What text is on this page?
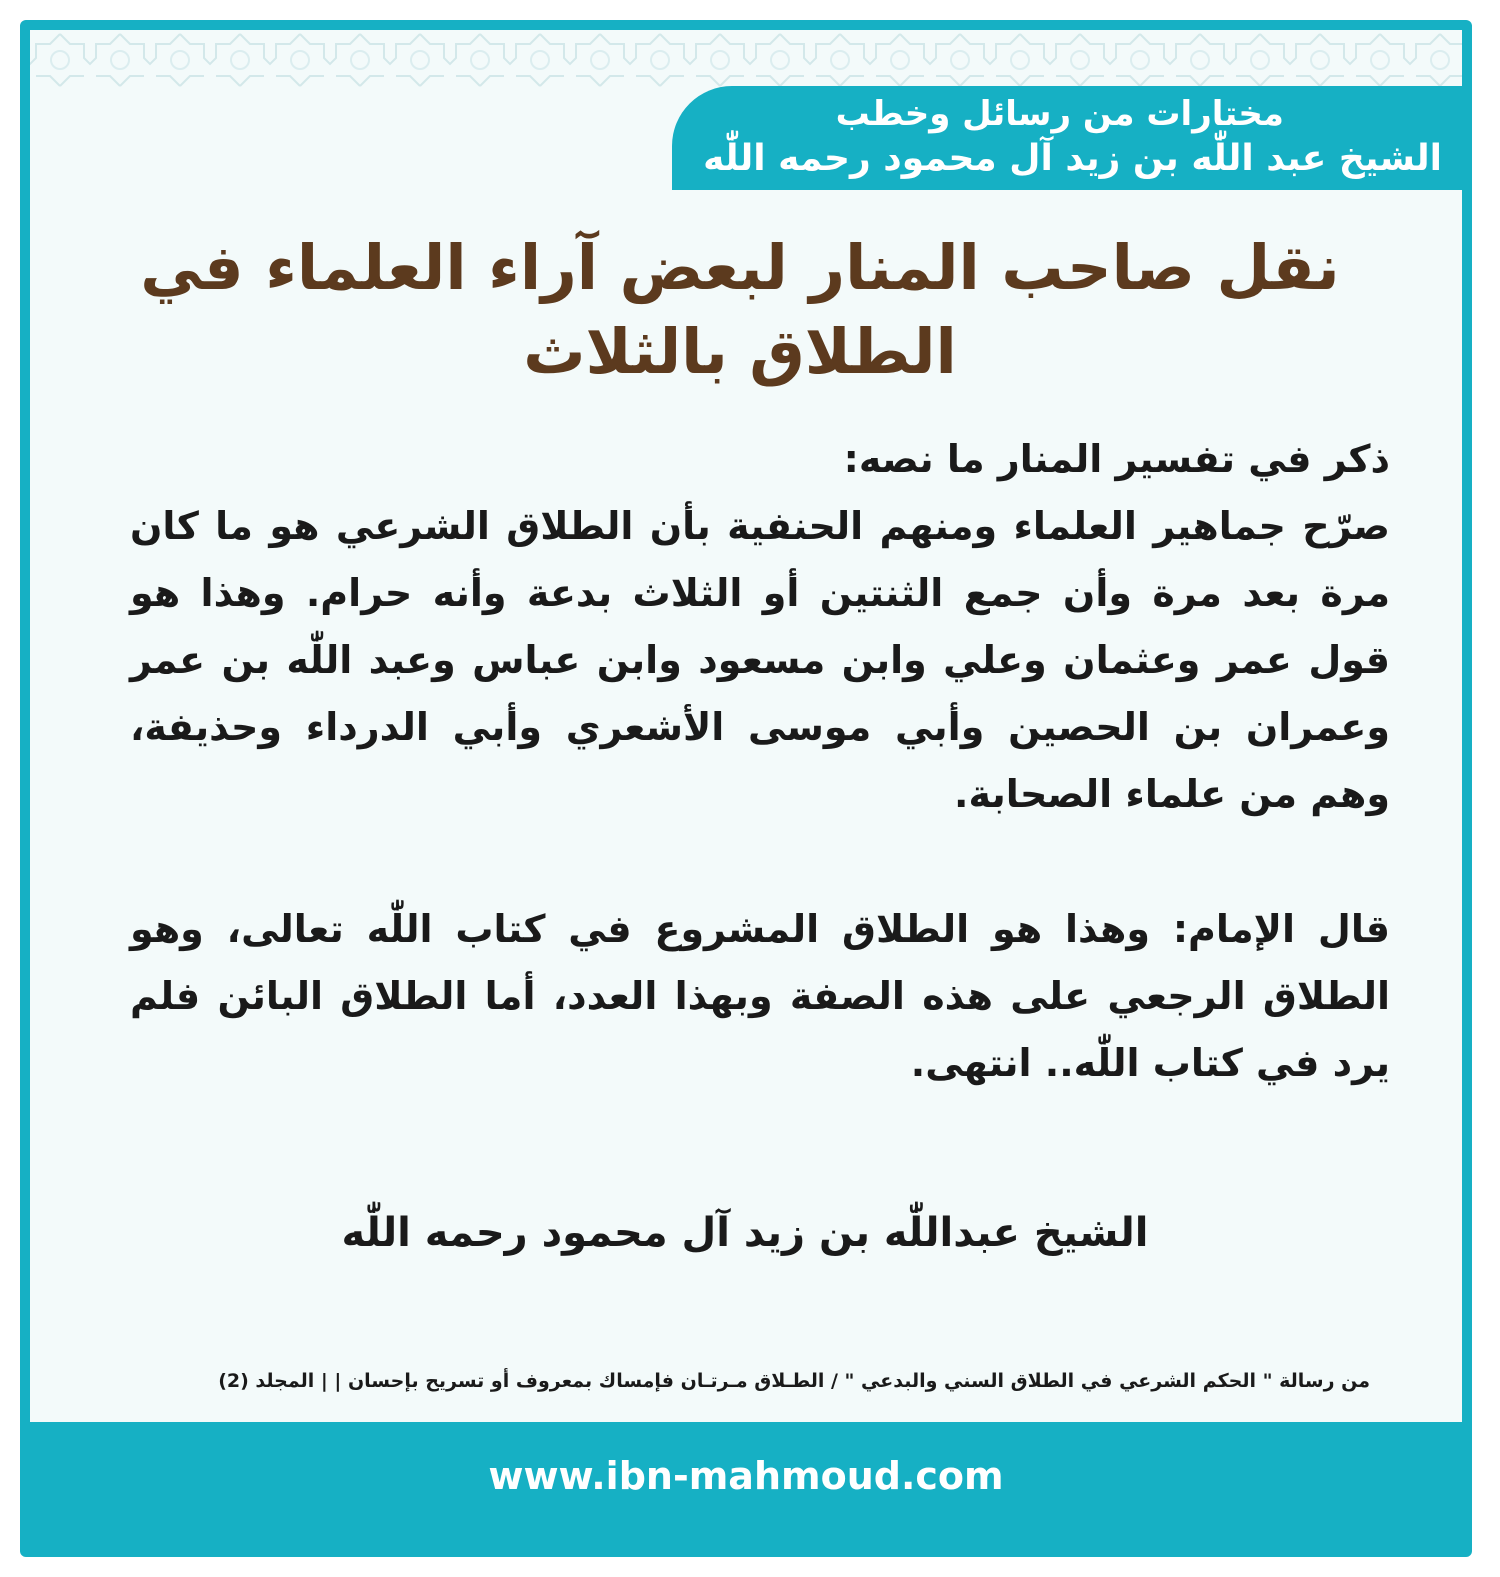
مختارات من رسائل وخطب
الشيخ عبد اللّٰه بن زيد آل محمود رحمه اللّٰه
نقل صاحب المنار لبعض آراء العلماء في الطلاق بالثلاث

ذكر في تفسير المنار ما نصه:

صرّح جماهير العلماء ومنهم الحنفية بأن الطلاق الشرعي هو ما كان مرة بعد مرة وأن جمع الثنتين أو الثلاث بدعة وأنه حرام. وهذا هو قول عمر وعثمان وعلي وابن مسعود وابن عباس وعبد اللّٰه بن عمر وعمران بن الحصين وأبي موسى الأشعري وأبي الدرداء وحذيفة، وهم من علماء الصحابة.

قال الإمام: وهذا هو الطلاق المشروع في كتاب اللّٰه تعالى، وهو الطلاق الرجعي على هذه الصفة وبهذا العدد، أما الطلاق البائن فلم يرد في كتاب اللّٰه.. انتهى.

الشيخ عبداللّٰه بن زيد آل محمود رحمه اللّٰه
من رسالة " الحكم الشرعي في الطلاق السني والبدعي " / الطـلاق مـرتـان فإمساك بمعروف أو تسريح بإحسان | | المجلد (2)
www.ibn-mahmoud.com
